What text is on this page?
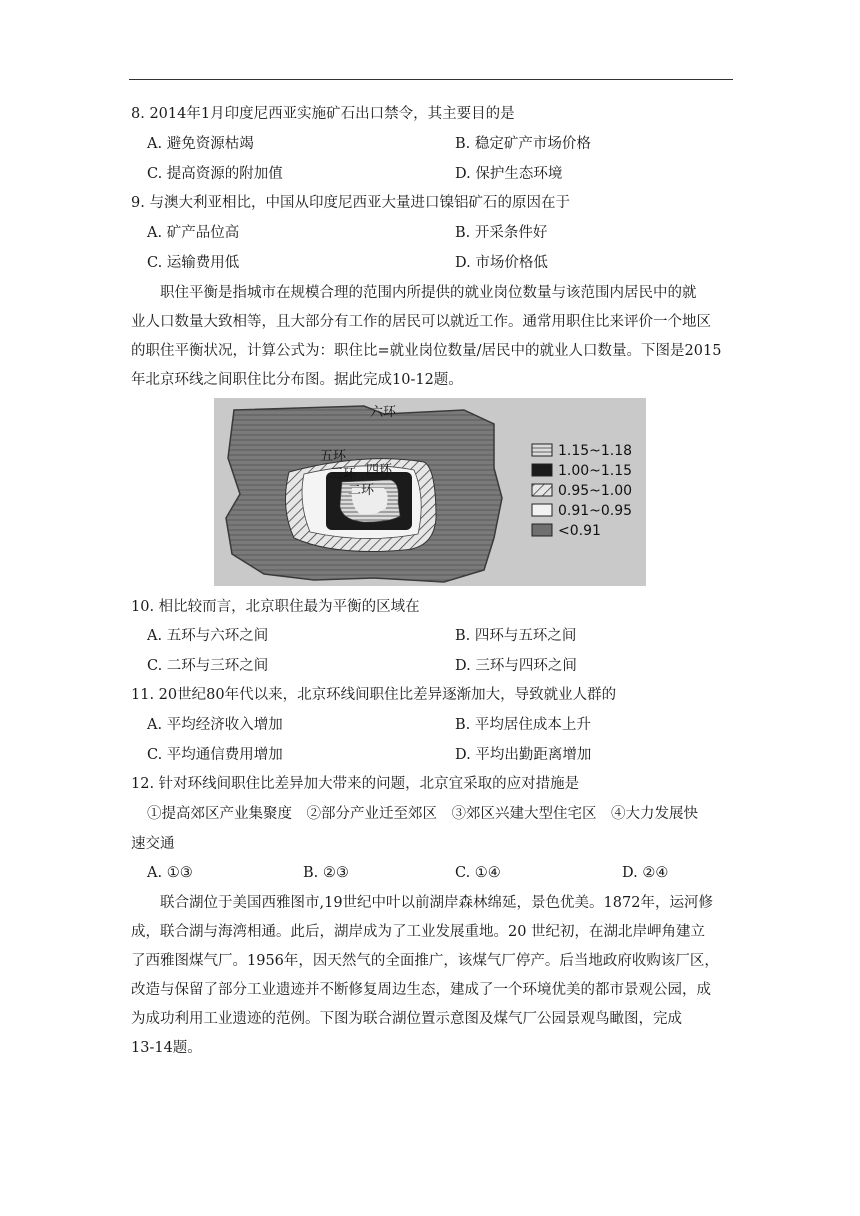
8. 2014年1月印度尼西亚实施矿石出口禁令，其主要目的是
A. 避免资源枯竭	B. 稳定矿产市场价格
C. 提高资源的附加值	D. 保护生态环境
9. 与澳大利亚相比，中国从印度尼西亚大量进口镍铝矿石的原因在于
A. 矿产品位高	B. 开采条件好
C. 运输费用低	D. 市场价格低
职住平衡是指城市在规模合理的范围内所提供的就业岗位数量与该范围内居民中的就
业人口数量大致相等，且大部分有工作的居民可以就近工作。通常用职住比来评价一个地区
的职住平衡状况，计算公式为：职住比=就业岗位数量/居民中的就业人口数量。下图是2015
年北京环线之间职住比分布图。据此完成10-12题。
六环
五环
四环
三环
二环
1.15~1.18
1.00~1.15
0.95~1.00
0.91~0.95
<0.91
10. 相比较而言，北京职住最为平衡的区域在
A. 五环与六环之间	B. 四环与五环之间
C. 二环与三环之间	D. 三环与四环之间
11. 20世纪80年代以来，北京环线间职住比差异逐渐加大，导致就业人群的
A. 平均经济收入增加	B. 平均居住成本上升
C. 平均通信费用增加	D. 平均出勤距离增加
12. 针对环线间职住比差异加大带来的问题，北京宜采取的应对措施是
①提高郊区产业集聚度　②部分产业迁至郊区　③郊区兴建大型住宅区　④大力发展快
速交通
A. ①③	B. ②③	C. ①④	D. ②④
联合湖位于美国西雅图市,19世纪中叶以前湖岸森林绵延，景色优美。1872年，运河修
成，联合湖与海湾相通。此后，湖岸成为了工业发展重地。20 世纪初，在湖北岸岬角建立
了西雅图煤气厂。1956年，因天然气的全面推广，该煤气厂停产。后当地政府收购该厂区，
改造与保留了部分工业遗迹并不断修复周边生态，建成了一个环境优美的都市景观公园，成
为成功利用工业遗迹的范例。下图为联合湖位置示意图及煤气厂公园景观鸟瞰图，完成
13-14题。
